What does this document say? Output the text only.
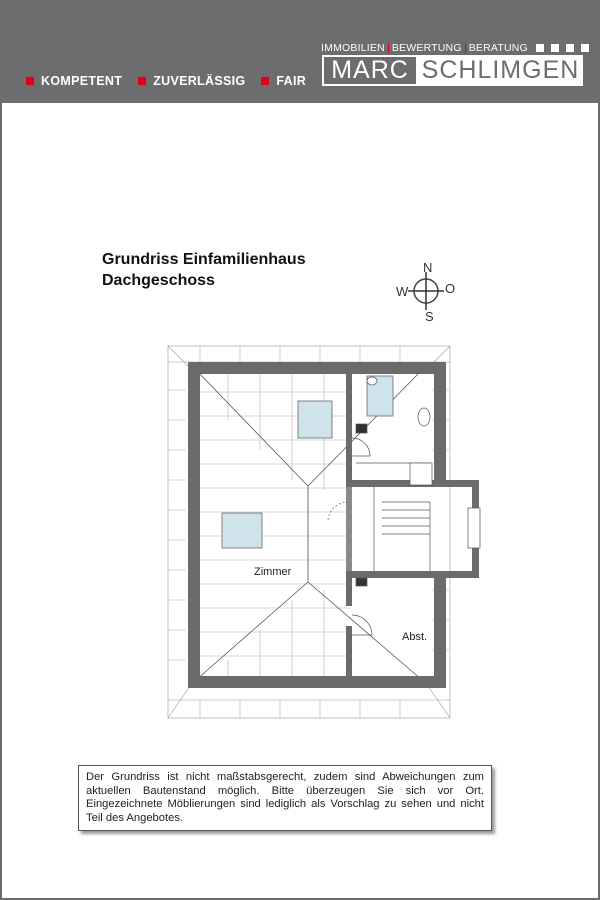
KOMPETENT ZUVERLÄSSIG FAIR
IMMOBILIEN BEWERTUNG BERATUNG
MARC SCHLIMGEN
Grundriss Einfamilienhaus
Dachgeschoss
N
S
W	O
Zimmer
Abst.

Der Grundriss ist nicht maßstabsgerecht, zudem sind Abweichungen zum aktuellen Bautenstand möglich. Bitte überzeugen Sie sich vor Ort. Eingezeichnete Möblierungen sind lediglich als Vorschlag zu sehen und nicht Teil des Angebotes.
